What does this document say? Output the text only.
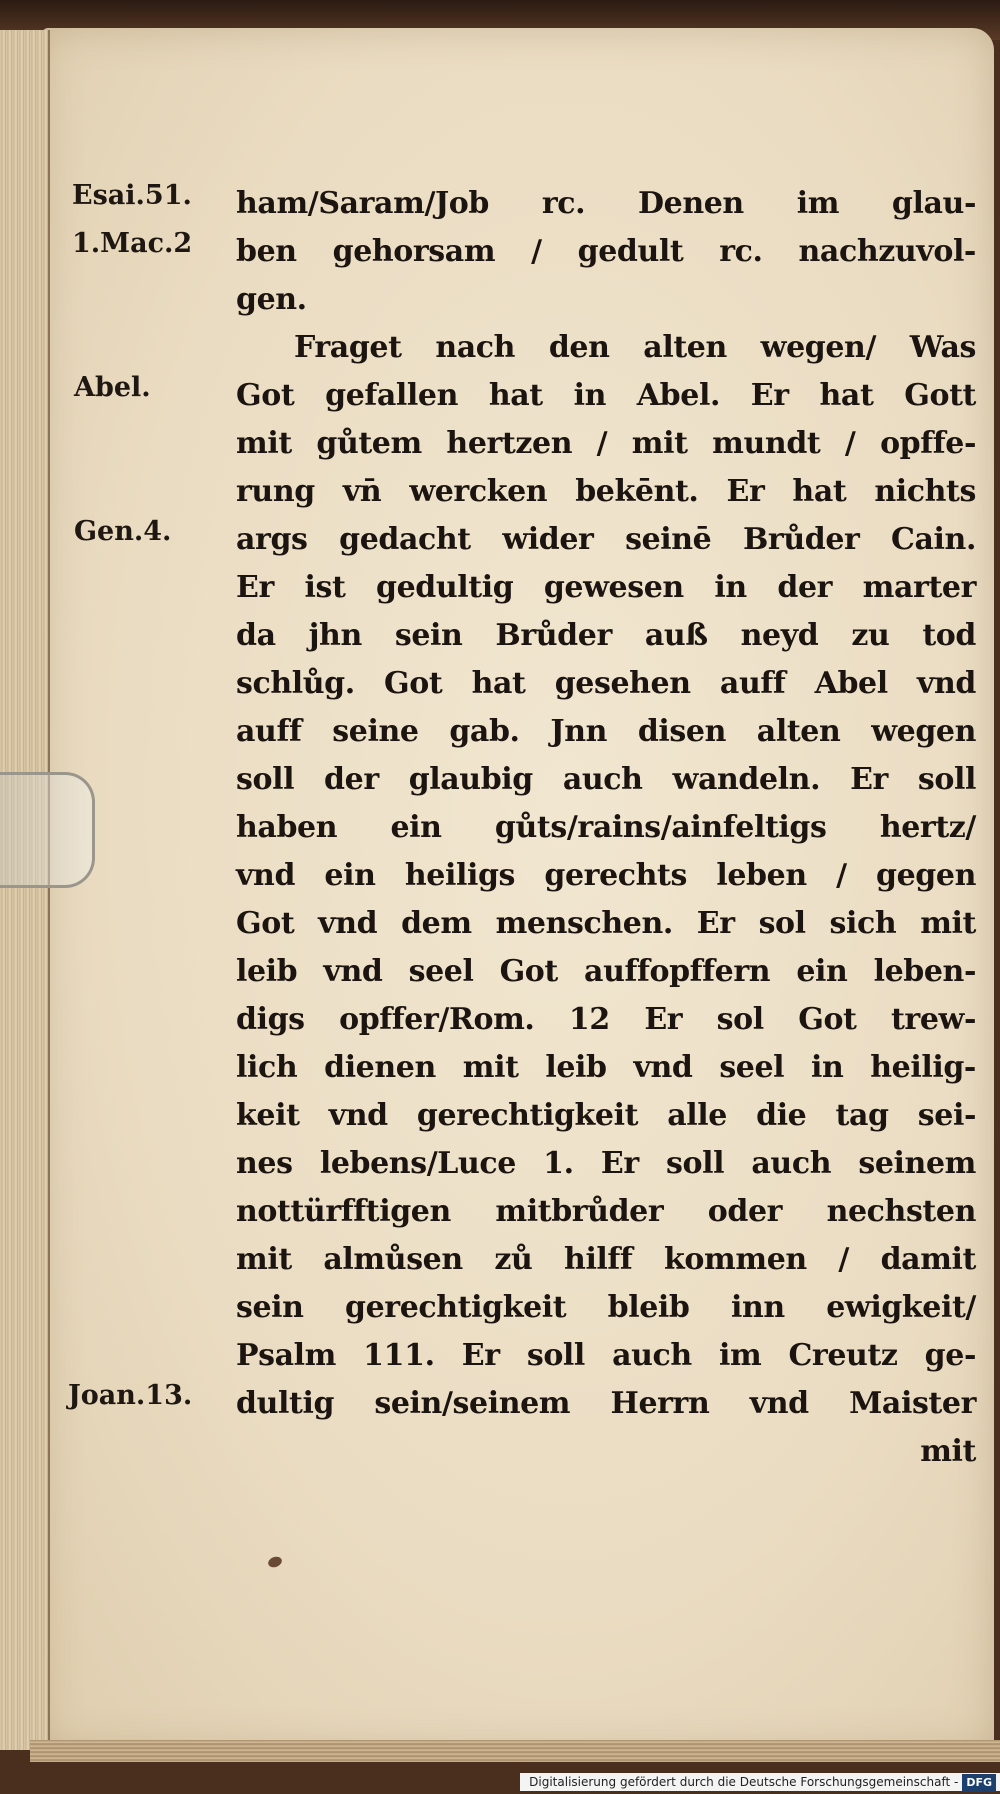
Esai.51.
1.Mac.2
Abel.
Gen.4.
Joan.13.
ham/Saram/Job rc. Denen im glau-
ben gehorsam / gedult rc. nachzuvol-
gen.
Fraget nach den alten wegen/ Was
Got gefallen hat in Abel. Er hat Gott
mit gůtem hertzen / mit mundt / opffe-
rung vn̄ wercken bekēnt. Er hat nichts
args gedacht wider seinē Brůder Cain.
Er ist gedultig gewesen in der marter
da jhn sein Brůder auß neyd zu tod
schlůg. Got hat gesehen auff Abel vnd
auff seine gab. Jnn disen alten wegen
soll der glaubig auch wandeln. Er soll
haben ein gůts/rains/ainfeltigs hertz/
vnd ein heiligs gerechts leben / gegen
Got vnd dem menschen. Er sol sich mit
leib vnd seel Got auffopffern ein leben-
digs opffer/Rom. 12 Er sol Got trew-
lich dienen mit leib vnd seel in heilig-
keit vnd gerechtigkeit alle die tag sei-
nes lebens/Luce 1. Er soll auch seinem
nottürfftigen mitbrůder oder nechsten
mit almůsen zů hilff kommen / damit
sein gerechtigkeit bleib inn ewigkeit/
Psalm 111. Er soll auch im Creutz ge-
dultig sein/seinem Herrn vnd Maister
mit
Digitalisierung gefördert durch die Deutsche Forschungsgemeinschaft - DFG
